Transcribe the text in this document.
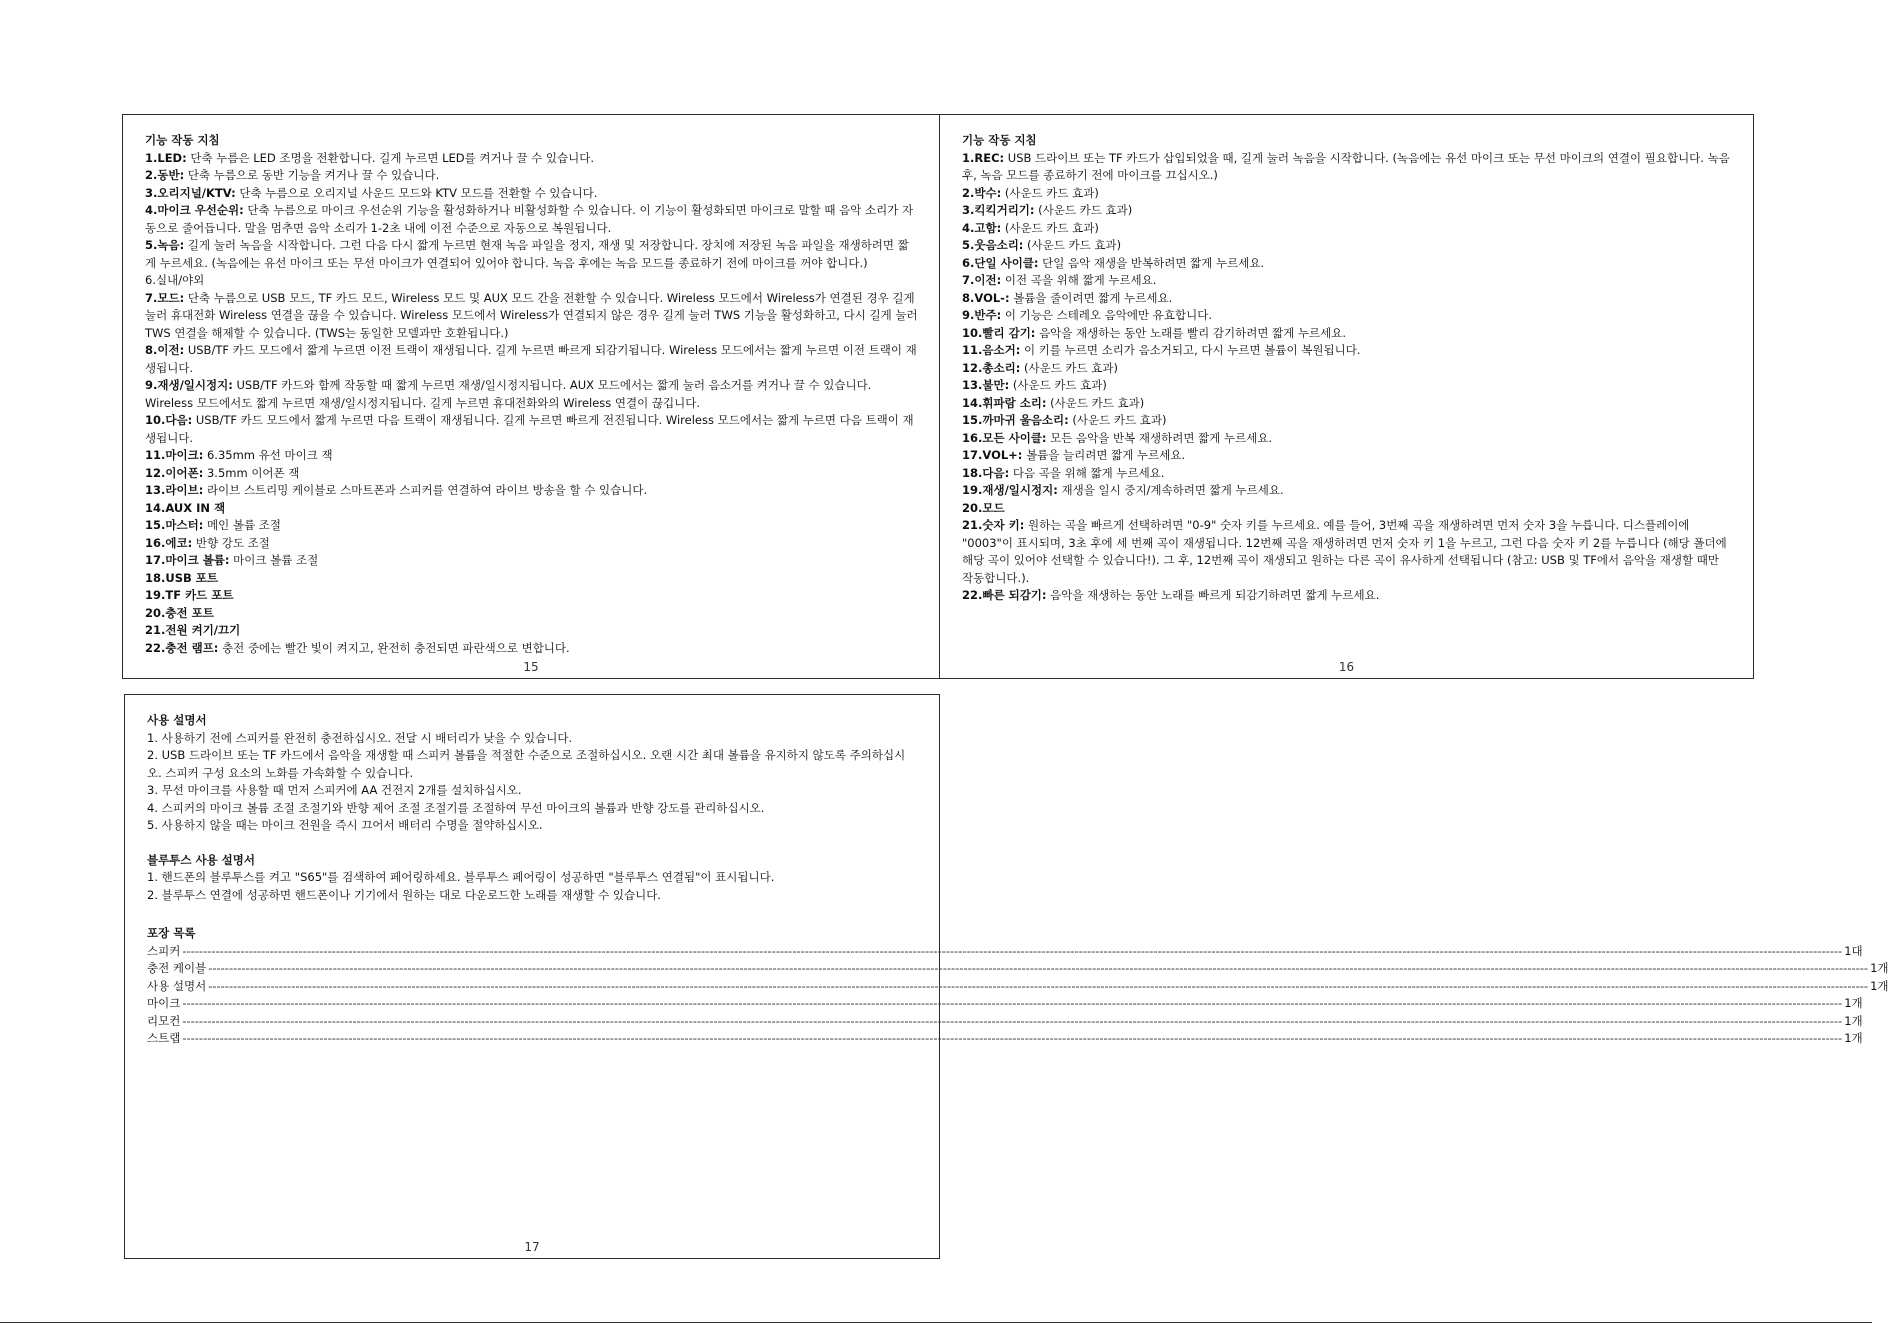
기능 작동 지침

1.LED: 단축 누름은 LED 조명을 전환합니다. 길게 누르면 LED를 켜거나 끌 수 있습니다.

2.동반: 단축 누름으로 동반 기능을 켜거나 끌 수 있습니다.

3.오리지널/KTV: 단축 누름으로 오리지널 사운드 모드와 KTV 모드를 전환할 수 있습니다.

4.마이크 우선순위: 단축 누름으로 마이크 우선순위 기능을 활성화하거나 비활성화할 수 있습니다. 이 기능이 활성화되면 마이크로 말할 때 음악 소리가 자동으로 줄어듭니다. 말을 멈추면 음악 소리가 1-2초 내에 이전 수준으로 자동으로 복원됩니다.

5.녹음: 길게 눌러 녹음을 시작합니다. 그런 다음 다시 짧게 누르면 현재 녹음 파일을 정지, 재생 및 저장합니다. 장치에 저장된 녹음 파일을 재생하려면 짧게 누르세요. (녹음에는 유선 마이크 또는 무선 마이크가 연결되어 있어야 합니다. 녹음 후에는 녹음 모드를 종료하기 전에 마이크를 꺼야 합니다.)

6.실내/야외

7.모드: 단축 누름으로 USB 모드, TF 카드 모드, Wireless 모드 및 AUX 모드 간을 전환할 수 있습니다. Wireless 모드에서 Wireless가 연결된 경우 길게 눌러 휴대전화 Wireless 연결을 끊을 수 있습니다. Wireless 모드에서 Wireless가 연결되지 않은 경우 길게 눌러 TWS 기능을 활성화하고, 다시 길게 눌러 TWS 연결을 해제할 수 있습니다. (TWS는 동일한 모델과만 호환됩니다.)

8.이전: USB/TF 카드 모드에서 짧게 누르면 이전 트랙이 재생됩니다. 길게 누르면 빠르게 되감기됩니다. Wireless 모드에서는 짧게 누르면 이전 트랙이 재생됩니다.

9.재생/일시정지: USB/TF 카드와 함께 작동할 때 짧게 누르면 재생/일시정지됩니다. AUX 모드에서는 짧게 눌러 음소거를 켜거나 끌 수 있습니다. Wireless 모드에서도 짧게 누르면 재생/일시정지됩니다. 길게 누르면 휴대전화와의 Wireless 연결이 끊깁니다.

10.다음: USB/TF 카드 모드에서 짧게 누르면 다음 트랙이 재생됩니다. 길게 누르면 빠르게 전진됩니다. Wireless 모드에서는 짧게 누르면 다음 트랙이 재생됩니다.

11.마이크: 6.35mm 유선 마이크 잭

12.이어폰: 3.5mm 이어폰 잭

13.라이브: 라이브 스트리밍 케이블로 스마트폰과 스피커를 연결하여 라이브 방송을 할 수 있습니다.

14.AUX IN 잭

15.마스터: 메인 볼륨 조절

16.에코: 반향 강도 조절

17.마이크 볼륨: 마이크 볼륨 조절

18.USB 포트

19.TF 카드 포트

20.충전 포트

21.전원 켜기/끄기

22.충전 램프: 충전 중에는 빨간 빛이 켜지고, 완전히 충전되면 파란색으로 변합니다.

15

기능 작동 지침

1.REC: USB 드라이브 또는 TF 카드가 삽입되었을 때, 길게 눌러 녹음을 시작합니다. (녹음에는 유선 마이크 또는 무선 마이크의 연결이 필요합니다. 녹음 후, 녹음 모드를 종료하기 전에 마이크를 끄십시오.)

2.박수: (사운드 카드 효과)

3.킥킥거리기: (사운드 카드 효과)

4.고함: (사운드 카드 효과)

5.웃음소리: (사운드 카드 효과)

6.단일 사이클: 단일 음악 재생을 반복하려면 짧게 누르세요.

7.이전: 이전 곡을 위해 짧게 누르세요.

8.VOL-: 볼륨을 줄이려면 짧게 누르세요.

9.반주: 이 기능은 스테레오 음악에만 유효합니다.

10.빨리 감기: 음악을 재생하는 동안 노래를 빨리 감기하려면 짧게 누르세요.

11.음소거: 이 키를 누르면 소리가 음소거되고, 다시 누르면 볼륨이 복원됩니다.

12.총소리: (사운드 카드 효과)

13.불만: (사운드 카드 효과)

14.휘파람 소리: (사운드 카드 효과)

15.까마귀 울음소리: (사운드 카드 효과)

16.모든 사이클: 모든 음악을 반복 재생하려면 짧게 누르세요.

17.VOL+: 볼륨을 늘리려면 짧게 누르세요.

18.다음: 다음 곡을 위해 짧게 누르세요.

19.재생/일시정지: 재생을 일시 중지/계속하려면 짧게 누르세요.

20.모드

21.숫자 키: 원하는 곡을 빠르게 선택하려면 "0-9" 숫자 키를 누르세요. 예를 들어, 3번째 곡을 재생하려면 먼저 숫자 3을 누릅니다. 디스플레이에 "0003"이 표시되며, 3초 후에 세 번째 곡이 재생됩니다. 12번째 곡을 재생하려면 먼저 숫자 키 1을 누르고, 그런 다음 숫자 키 2를 누릅니다 (해당 폴더에 해당 곡이 있어야 선택할 수 있습니다!). 그 후, 12번째 곡이 재생되고 원하는 다른 곡이 유사하게 선택됩니다 (참고: USB 및 TF에서 음악을 재생할 때만 작동합니다.).

22.빠른 되감기: 음악을 재생하는 동안 노래를 빠르게 되감기하려면 짧게 누르세요.

16

사용 설명서

1. 사용하기 전에 스피커를 완전히 충전하십시오. 전달 시 배터리가 낮을 수 있습니다.

2. USB 드라이브 또는 TF 카드에서 음악을 재생할 때 스피커 볼륨을 적절한 수준으로 조절하십시오. 오랜 시간 최대 볼륨을 유지하지 않도록 주의하십시오. 스피커 구성 요소의 노화를 가속화할 수 있습니다.

3. 무선 마이크를 사용할 때 먼저 스피커에 AA 건전지 2개를 설치하십시오.

4. 스피커의 마이크 볼륨 조절 조절기와 반향 제어 조절 조절기를 조절하여 무선 마이크의 볼륨과 반향 강도를 관리하십시오.

5. 사용하지 않을 때는 마이크 전원을 즉시 끄어서 배터리 수명을 절약하십시오.

블루투스 사용 설명서

1. 핸드폰의 블루투스를 켜고 "S65"를 검색하여 페어링하세요. 블루투스 페어링이 성공하면 "블루투스 연결됨"이 표시됩니다.

2. 블루투스 연결에 성공하면 핸드폰이나 기기에서 원하는 대로 다운로드한 노래를 재생할 수 있습니다.

포장 목록

스피커 ---------------------------------------------------------------------------------------------------------------------------------------------------------------------------------------------------------------------------------------------------------------------------------------------------------------------------------------------------------------------------------------------------------------- 1대
충전 케이블 ---------------------------------------------------------------------------------------------------------------------------------------------------------------------------------------------------------------------------------------------------------------------------------------------------------------------------------------------------------------------------------------------------------------- 1개
사용 설명서 ---------------------------------------------------------------------------------------------------------------------------------------------------------------------------------------------------------------------------------------------------------------------------------------------------------------------------------------------------------------------------------------------------------------- 1개
마이크 ---------------------------------------------------------------------------------------------------------------------------------------------------------------------------------------------------------------------------------------------------------------------------------------------------------------------------------------------------------------------------------------------------------------- 1개
리모컨 ---------------------------------------------------------------------------------------------------------------------------------------------------------------------------------------------------------------------------------------------------------------------------------------------------------------------------------------------------------------------------------------------------------------- 1개
스트랩 ---------------------------------------------------------------------------------------------------------------------------------------------------------------------------------------------------------------------------------------------------------------------------------------------------------------------------------------------------------------------------------------------------------------- 1개
17
